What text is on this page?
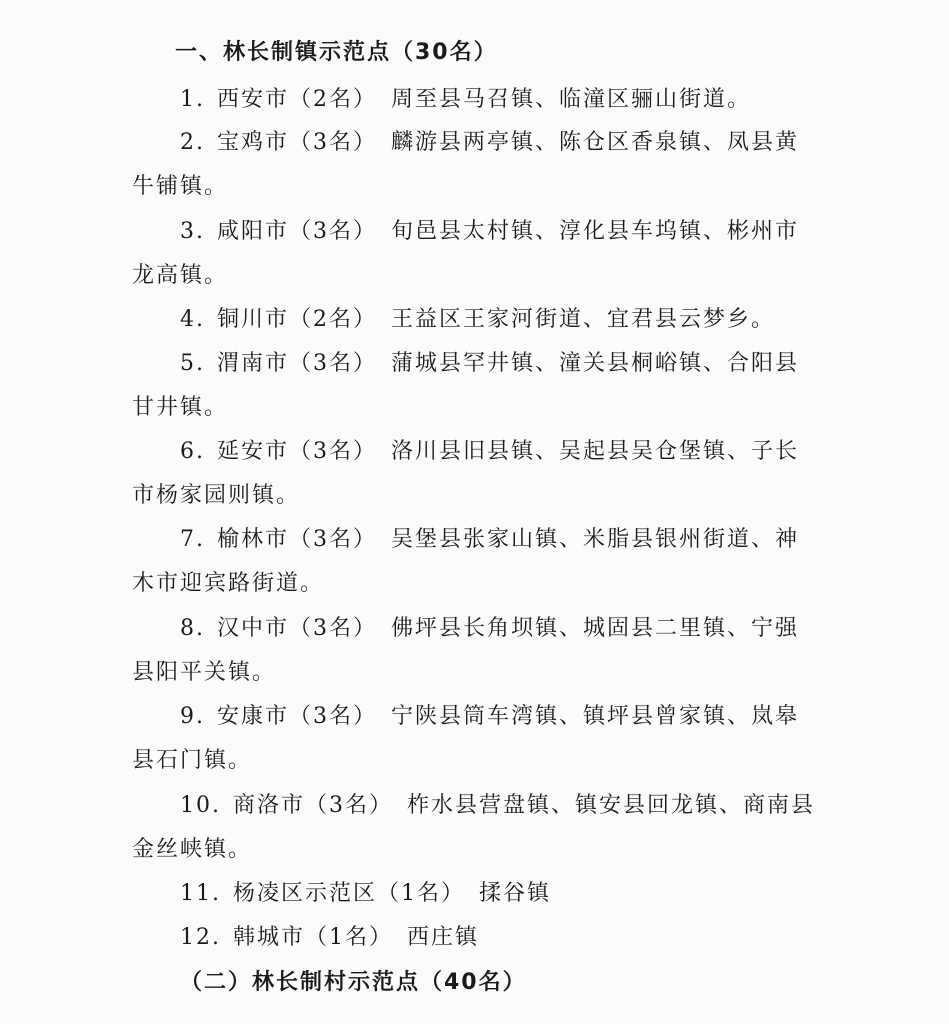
一、林长制镇示范点（30名）
1. 西安市（2名） 周至县马召镇、临潼区骊山街道。
2. 宝鸡市（3名） 麟游县两亭镇、陈仓区香泉镇、凤县黄
牛铺镇。
3. 咸阳市（3名） 旬邑县太村镇、淳化县车坞镇、彬州市
龙高镇。
4. 铜川市（2名） 王益区王家河街道、宜君县云梦乡。
5. 渭南市（3名） 蒲城县罕井镇、潼关县桐峪镇、合阳县
甘井镇。
6. 延安市（3名） 洛川县旧县镇、吴起县吴仓堡镇、子长
市杨家园则镇。
7. 榆林市（3名） 吴堡县张家山镇、米脂县银州街道、神
木市迎宾路街道。
8. 汉中市（3名） 佛坪县长角坝镇、城固县二里镇、宁强
县阳平关镇。
9. 安康市（3名） 宁陕县筒车湾镇、镇坪县曾家镇、岚皋
县石门镇。
10. 商洛市（3名） 柞水县营盘镇、镇安县回龙镇、商南县
金丝峡镇。
11. 杨凌区示范区（1名） 揉谷镇
12. 韩城市（1名） 西庄镇
（二）林长制村示范点（40名）
